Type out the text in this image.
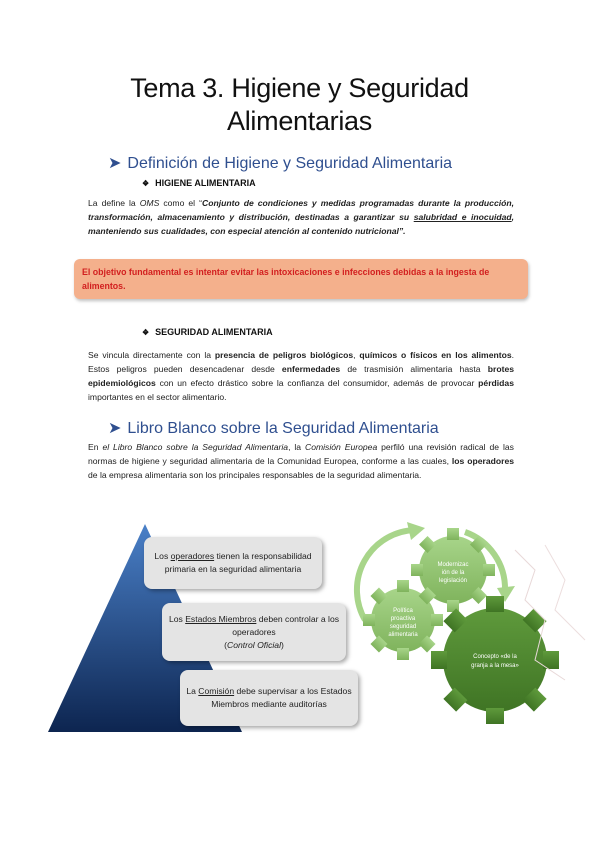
Tema 3. Higiene y Seguridad
Alimentarias
➤ Definición de Higiene y Seguridad Alimentaria
❖ HIGIENE ALIMENTARIA
La define la OMS como el “Conjunto de condiciones y medidas programadas durante la producción, transformación, almacenamiento y distribución, destinadas a garantizar su salubridad e inocuidad, manteniendo sus cualidades, con especial atención al contenido nutricional”.

El objetivo fundamental es intentar evitar las intoxicaciones e infecciones debidas a la ingesta de alimentos.

❖ SEGURIDAD ALIMENTARIA
Se vincula directamente con la presencia de peligros biológicos, químicos o físicos en los alimentos. Estos peligros pueden desencadenar desde enfermedades de trasmisión alimentaria hasta brotes epidemiológicos con un efecto drástico sobre la confianza del consumidor, además de provocar pérdidas importantes en el sector alimentario.
➤ Libro Blanco sobre la Seguridad Alimentaria
En el Libro Blanco sobre la Seguridad Alimentaria, la Comisión Europea perfiló una revisión radical de las normas de higiene y seguridad alimentaria de la Comunidad Europea, conforme a las cuales, los operadores de la empresa alimentaria son los principales responsables de la seguridad alimentaria.
Los operadores tienen la responsabilidad primaria en la seguridad alimentaria
Los Estados Miembros deben controlar a los operadores
(Control Oficial)
La Comisión debe supervisar a los Estados Miembros mediante auditorías
Modernizac
ión de la
legislación
Política
proactiva
seguridad
alimentaria
Concepto «de la
granja a la mesa»
